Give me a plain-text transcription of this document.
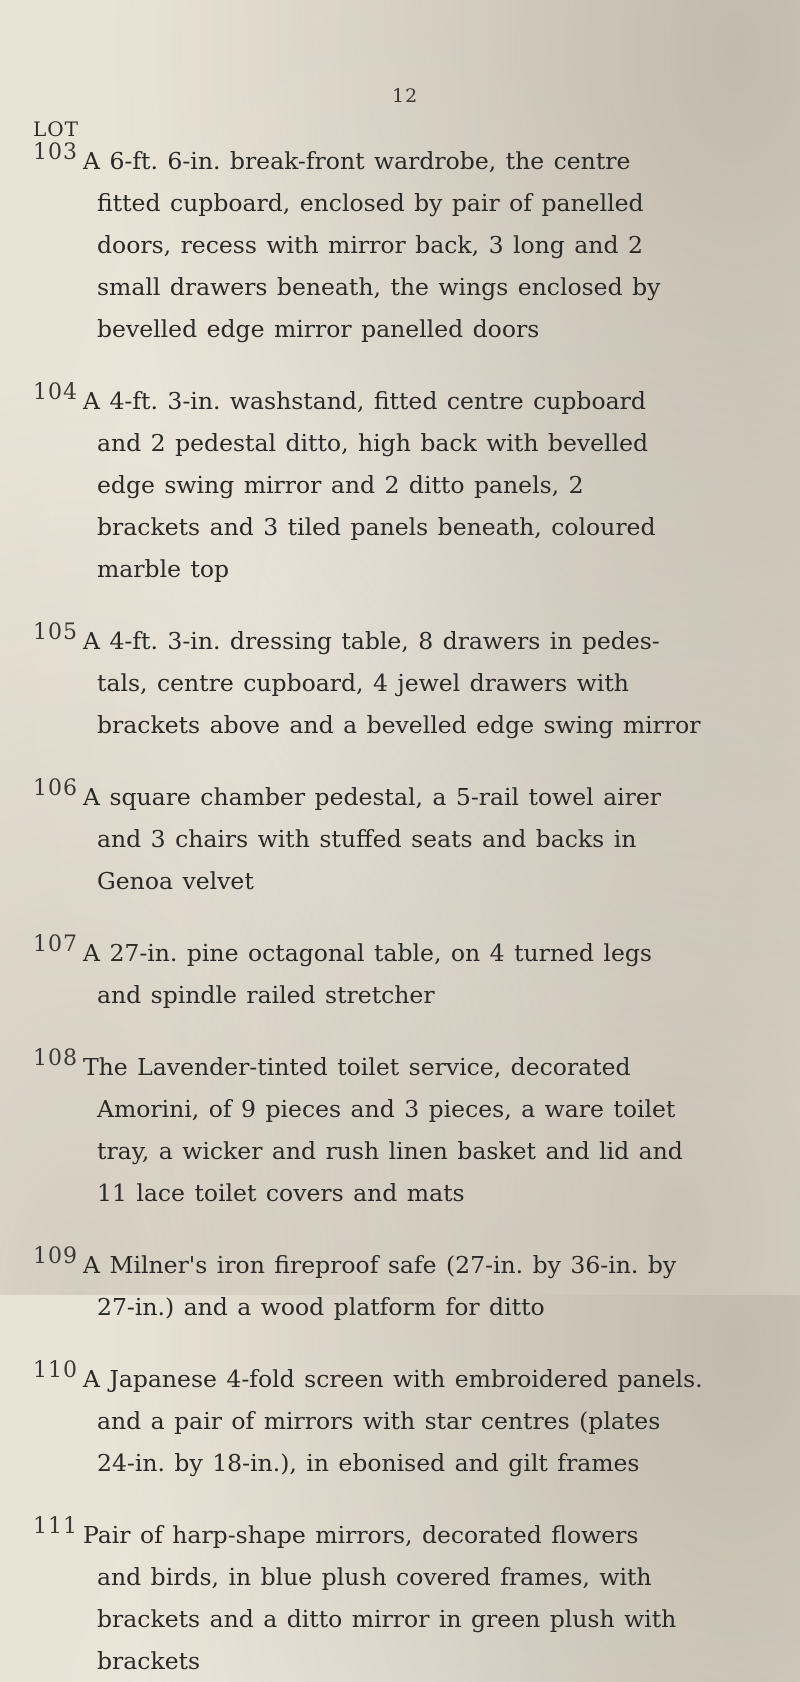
12
LOT
103 A 6-ft. 6-in. break-front wardrobe, the centre
fitted cupboard, enclosed by pair of panelled
doors, recess with mirror back, 3 long and 2
small drawers beneath, the wings enclosed by
bevelled edge mirror panelled doors
104 A 4-ft. 3-in. washstand, fitted centre cupboard
and 2 pedestal ditto, high back with bevelled
edge swing mirror and 2 ditto panels, 2
brackets and 3 tiled panels beneath, coloured
marble top
105 A 4-ft. 3-in. dressing table, 8 drawers in pedes-
tals, centre cupboard, 4 jewel drawers with
brackets above and a bevelled edge swing mirror
106 A square chamber pedestal, a 5-rail towel airer
and 3 chairs with stuffed seats and backs in
Genoa velvet
107 A 27-in. pine octagonal table, on 4 turned legs
and spindle railed stretcher
108 The Lavender-tinted toilet service, decorated
Amorini, of 9 pieces and 3 pieces, a ware toilet
tray, a wicker and rush linen basket and lid and
11 lace toilet covers and mats
109 A Milner's iron fireproof safe (27-in. by 36-in. by
27-in.) and a wood platform for ditto
110 A Japanese 4-fold screen with embroidered panels.
and a pair of mirrors with star centres (plates
24-in. by 18-in.), in ebonised and gilt frames
111 Pair of harp-shape mirrors, decorated flowers
and birds, in blue plush covered frames, with
brackets and a ditto mirror in green plush with
brackets
